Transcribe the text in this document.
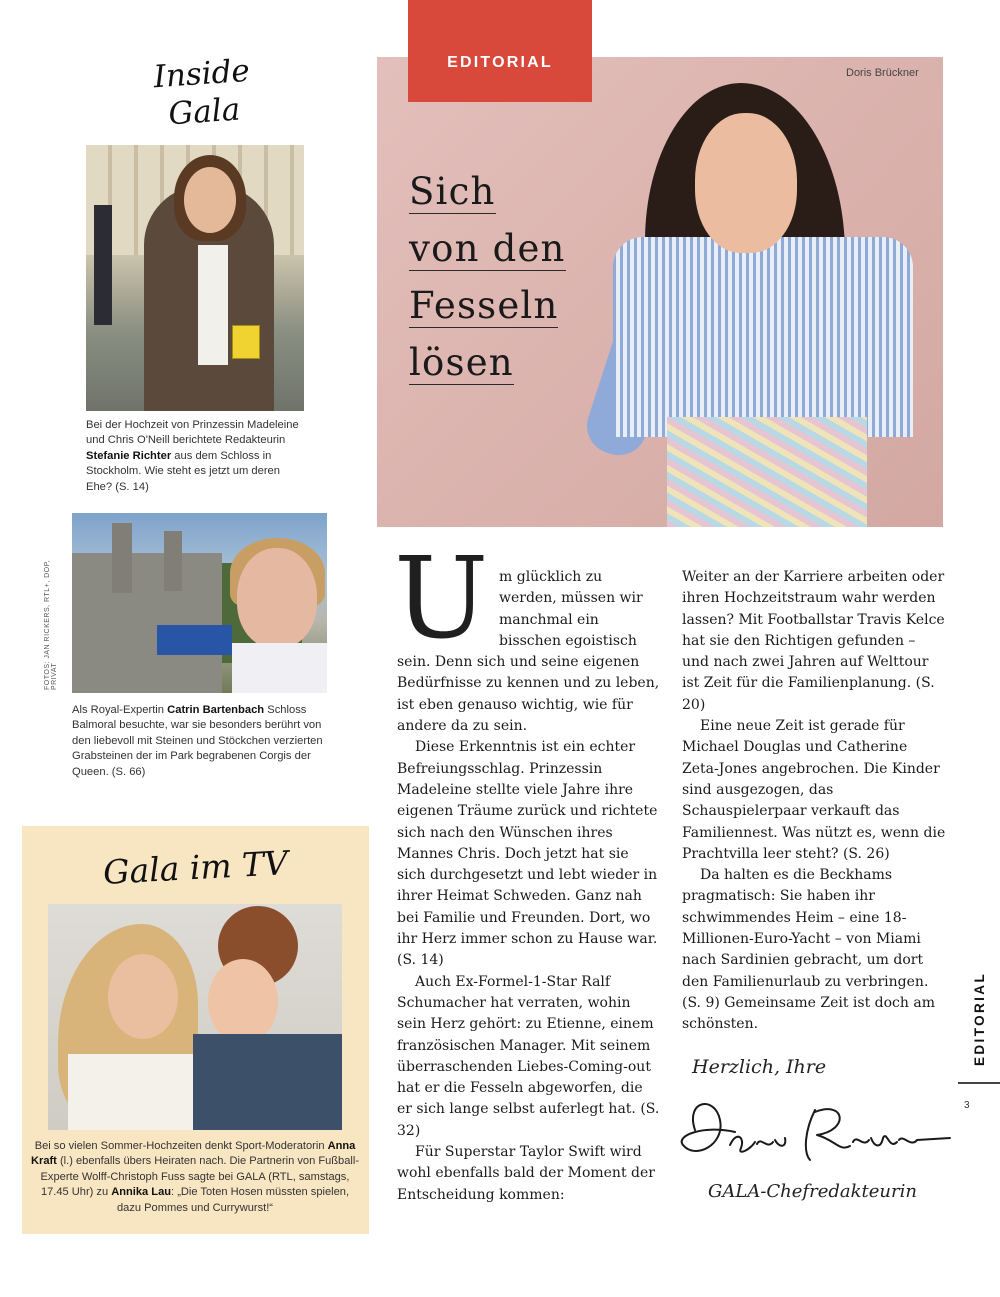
Inside
Gala
Bei der Hochzeit von Prinzessin Madeleine und Chris O'Neill berichtete Redakteurin Stefanie Richter aus dem Schloss in Stockholm. Wie steht es jetzt um deren Ehe? (S. 14)
FOTOS: JAN RICKERS, RTL+, DOP, PRIVAT
Als Royal-Expertin Catrin Bartenbach Schloss Balmoral besuchte, war sie besonders berührt von den liebevoll mit Steinen und Stöckchen verzierten Grabsteinen der im Park begrabenen Corgis der Queen. (S. 66)
Gala im TV
Bei so vielen Sommer-Hochzeiten denkt Sport-Moderatorin Anna Kraft (l.) ebenfalls übers Heiraten nach. Die Partnerin von Fußball-Experte Wolff-Christoph Fuss sagte bei GALA (RTL, samstags, 17.45 Uhr) zu Annika Lau: „Die Toten Hosen müssten spielen, dazu Pommes und Currywurst!“
EDITORIAL
Doris Brückner
Sich
von den
Fesseln
lösen
U m glücklich zu werden, müssen wir manchmal ein bisschen egoistisch sein. Denn sich und seine eigenen Bedürfnisse zu kennen und zu leben, ist eben genauso wichtig, wie für andere da zu sein.

Diese Erkenntnis ist ein echter Befreiungsschlag. Prinzessin Madeleine stellte viele Jahre ihre eigenen Träume zurück und richtete sich nach den Wünschen ihres Mannes Chris. Doch jetzt hat sie sich durchgesetzt und lebt wieder in ihrer Heimat Schweden. Ganz nah bei Familie und Freunden. Dort, wo ihr Herz immer schon zu Hause war. (S. 14)

Auch Ex-Formel-1-Star Ralf Schumacher hat verraten, wohin sein Herz gehört: zu Etienne, einem französischen Manager. Mit seinem überraschenden Liebes-Coming-out hat er die Fesseln abgeworfen, die er sich lange selbst auferlegt hat. (S. 32)

Für Superstar Taylor Swift wird wohl ebenfalls bald der Moment der Entscheidung kommen:

Weiter an der Karriere arbeiten oder ihren Hochzeitstraum wahr werden lassen? Mit Footballstar Travis Kelce hat sie den Richtigen gefunden – und nach zwei Jahren auf Welttour ist Zeit für die Familienplanung. (S. 20)

Eine neue Zeit ist gerade für Michael Douglas und Catherine Zeta-Jones angebrochen. Die Kinder sind ausgezogen, das Schauspielerpaar verkauft das Familiennest. Was nützt es, wenn die Prachtvilla leer steht? (S. 26)

Da halten es die Beckhams pragmatisch: Sie haben ihr schwimmendes Heim – eine 18-Millionen-Euro-Yacht – von Miami nach Sardinien gebracht, um dort den Familienurlaub zu verbringen. (S. 9) Gemeinsame Zeit ist doch am schönsten.

Herzlich, Ihre
GALA-Chefredakteurin
EDITORIAL
3
